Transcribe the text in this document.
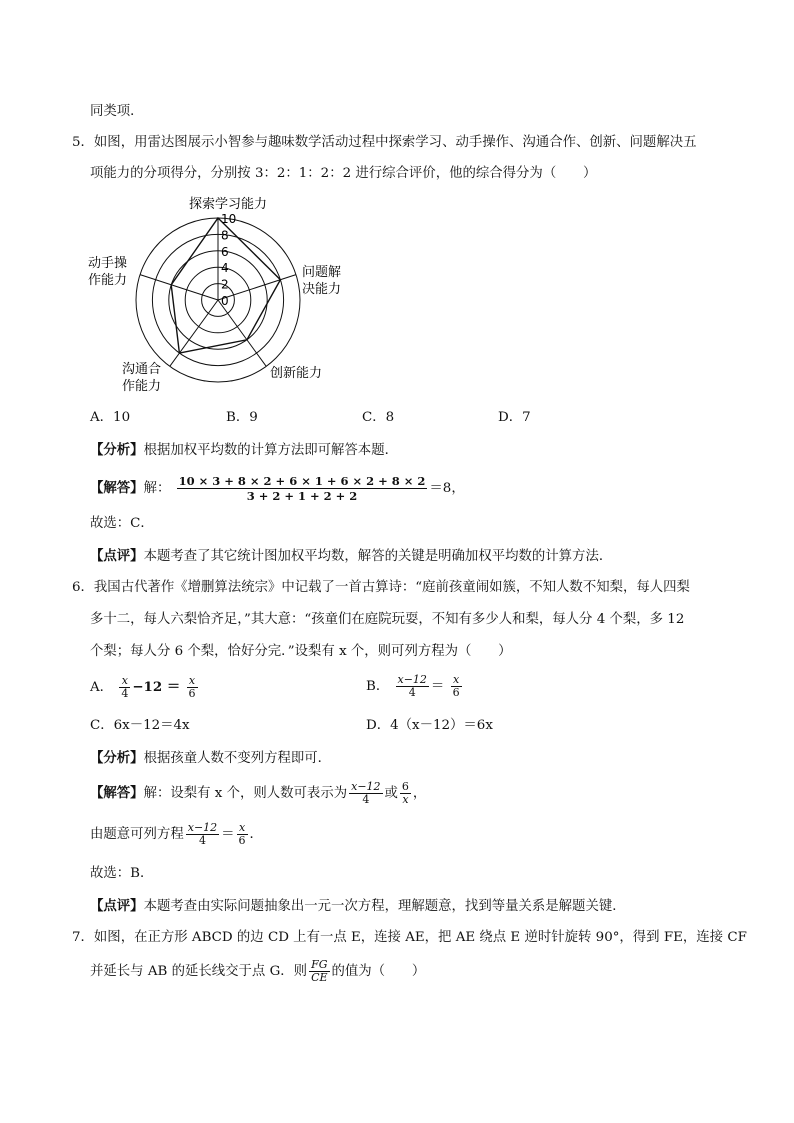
同类项．
5．如图，用雷达图展示小智参与趣味数学活动过程中探索学习、动手操作、沟通合作、创新、问题解决五
项能力的分项得分，分别按 3：2：1：2：2 进行综合评价，他的综合得分为（　　）
0
2
4
6
8
10
探索学习能力
问题解
决能力
创新能力
沟通合
作能力
动手操
作能力
A．10	B．9	C．8	D．7
【分析】根据加权平均数的计算方法即可解答本题．
【解答】解： $\frac{10 \times 3 + 8 \times 2 + 6 \times 1 + 6 \times 2 + 8 \times 2}{3 + 2 + 1 + 2 + 2} =8$，
故选：C．
【点评】本题考查了其它统计图加权平均数，解答的关键是明确加权平均数的计算方法．
6．我国古代著作《增删算法统宗》中记载了一首古算诗：“庭前孩童闹如簇，不知人数不知梨，每人四梨
多十二，每人六梨恰齐足，”其大意：“孩童们在庭院玩耍，不知有多少人和梨，每人分 4 个梨，多 12
个梨；每人分 6 个梨，恰好分完．”设梨有 x 个，则可列方程为（　　）
A． $\frac{x}{4} -12 = \frac{x}{6}$	B． $\frac{x-12}{4} = \frac{x}{6}$
C．6x－12＝4x	D．4（x－12）＝6x
【分析】根据孩童人数不变列方程即可．
【解答】解：设梨有 x 个，则人数可表示为 $\frac{x-12}{4}$ 或 $\frac{6}{x}$ ，
由题意可列方程 $\frac{x-12}{4} = \frac{x}{6}$ ．
故选：B．
【点评】本题考查由实际问题抽象出一元一次方程，理解题意，找到等量关系是解题关键．
7．如图，在正方形 ABCD 的边 CD 上有一点 E，连接 AE，把 AE 绕点 E 逆时针旋转 90°，得到 FE，连接 CF
并延长与 AB 的延长线交于点 G．则 $\frac{FG}{CE}$ 的值为（　　）
